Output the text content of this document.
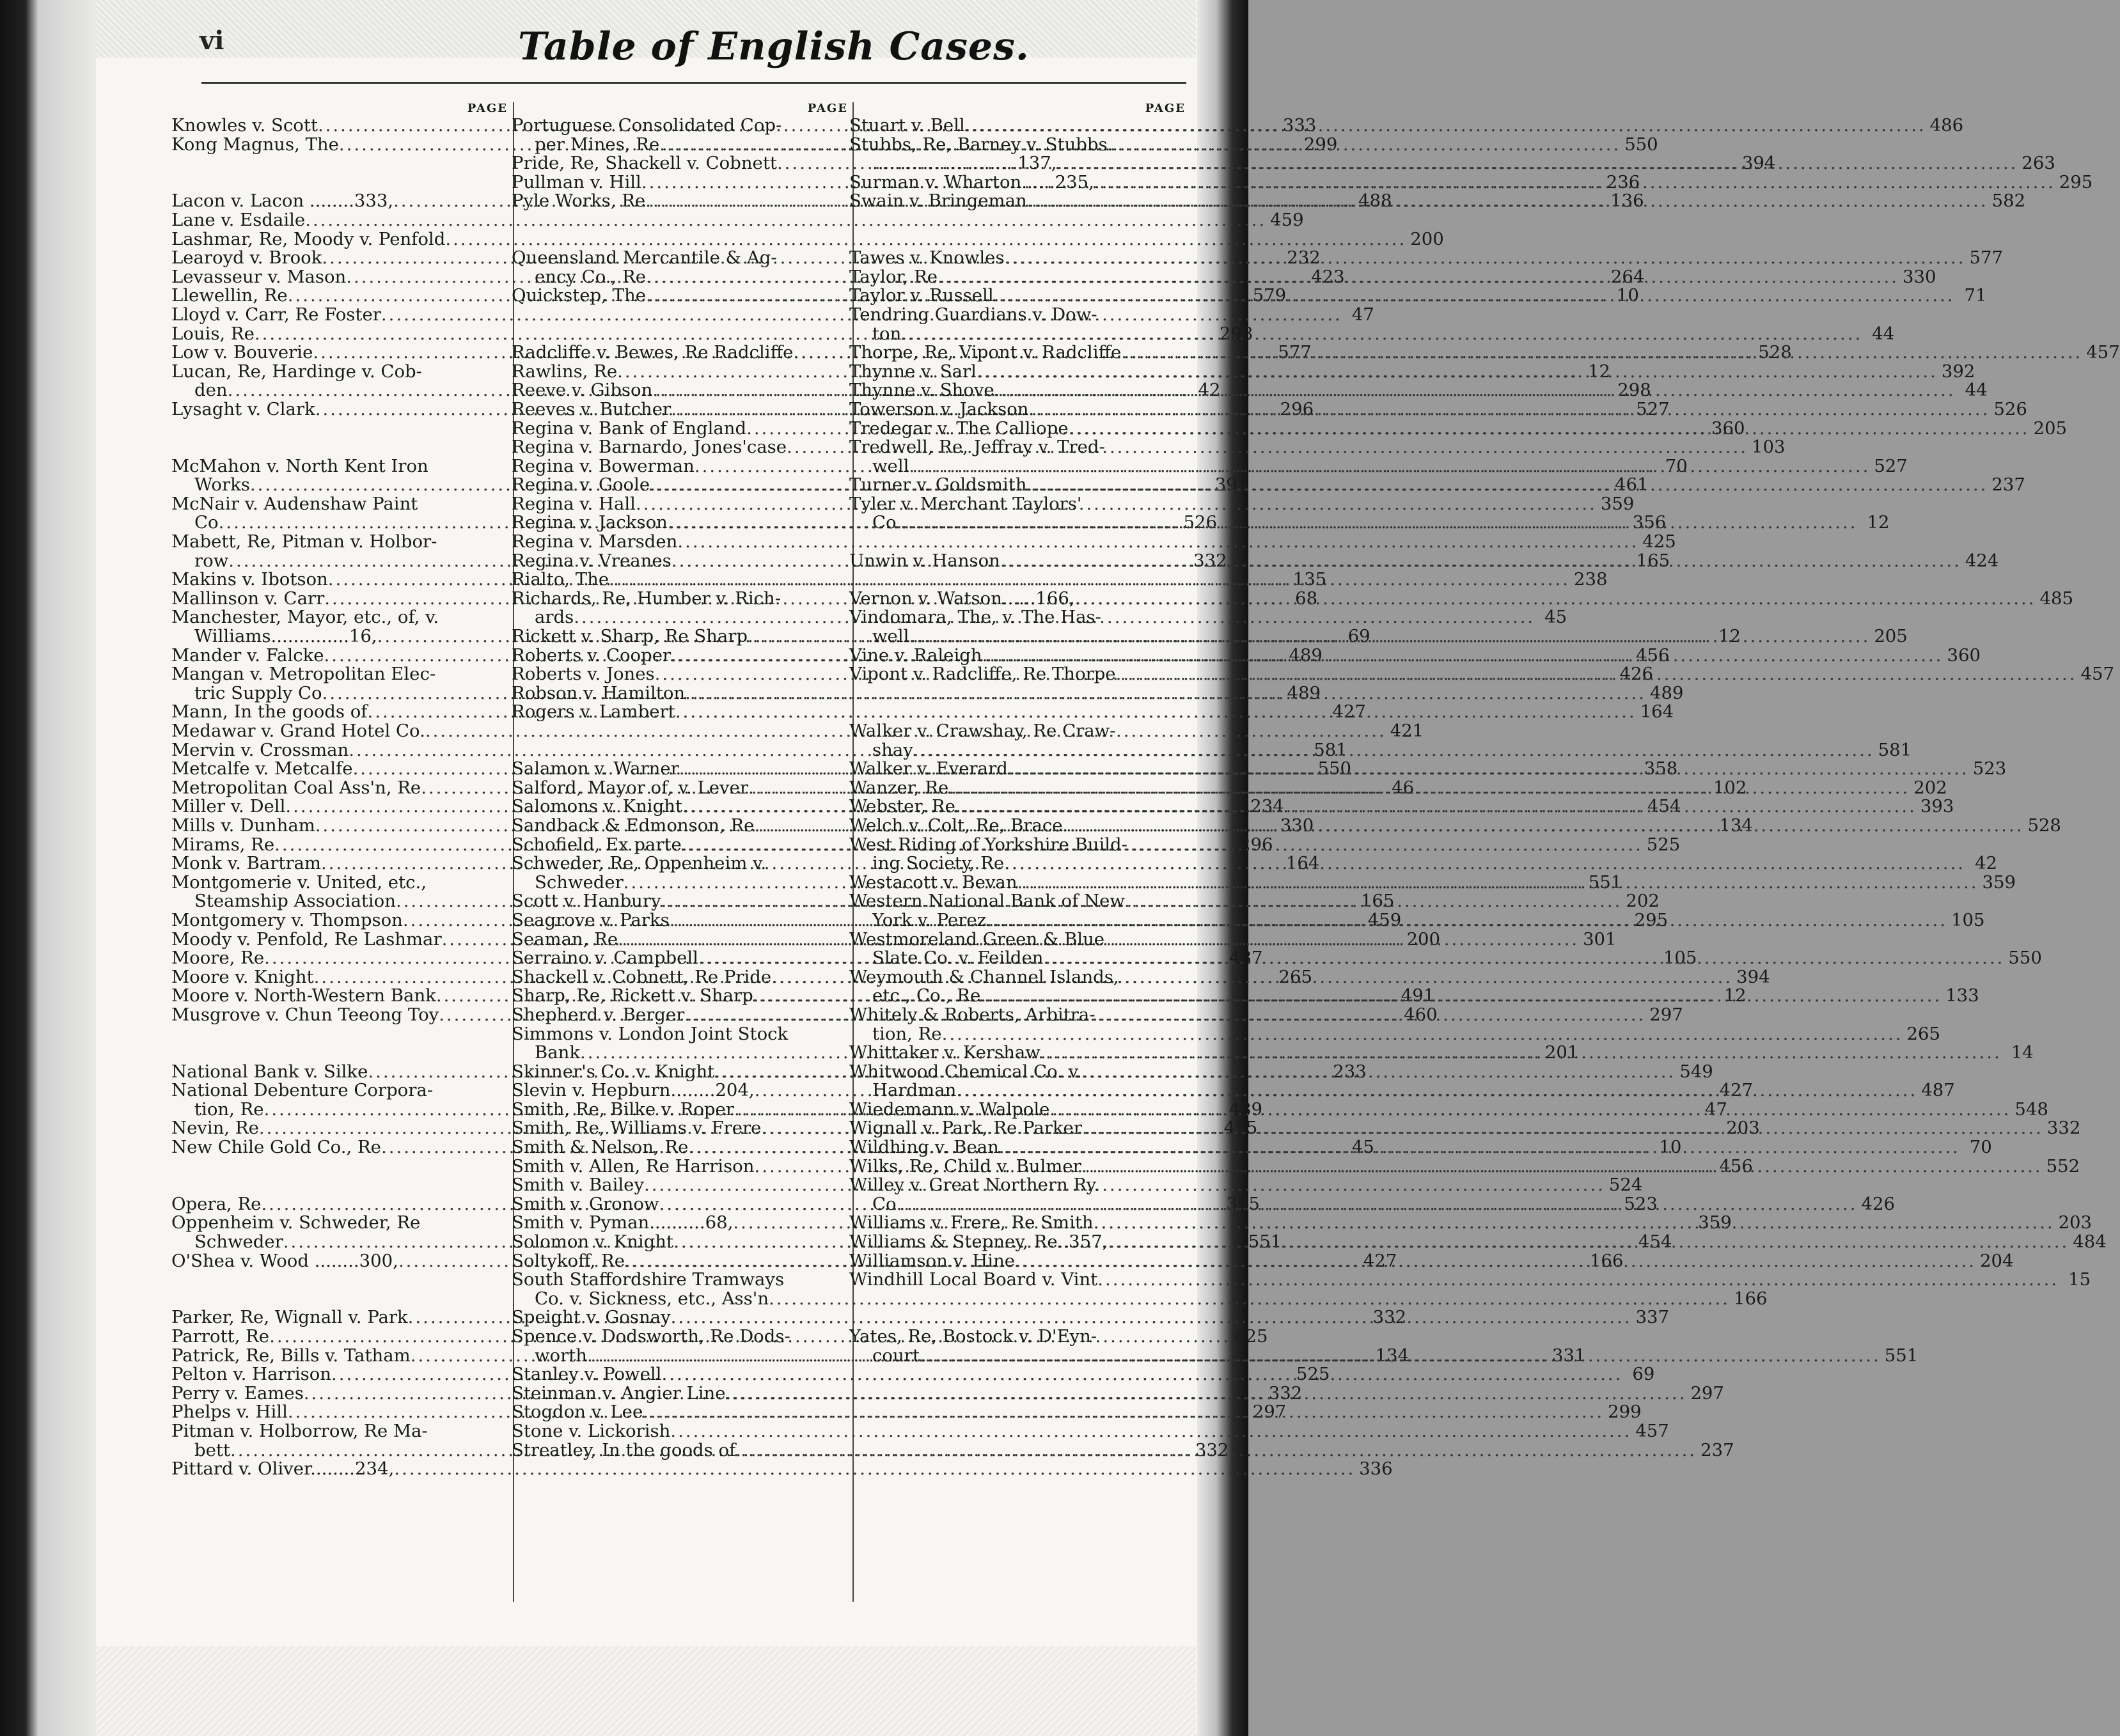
vi	Table of English Cases.
PAGE
Knowles v. Scott .....	333
Kong Magnus, The .....	299
Lacon v. Lacon ........333, .....	488
Lane v. Esdaile .....	459
Lashmar, Re, Moody v. Penfold .....	200
Learoyd v. Brook .....	232
Levasseur v. Mason .....	423
Llewellin, Re .....	579
Lloyd v. Carr, Re Foster .....	47
Louis, Re .....	298
Low v. Bouverie .....	577
Lucan, Re, Hardinge v. Cob-
den .....	42
Lysaght v. Clark .....	296
McMahon v. North Kent Iron
Works .....	395
McNair v. Audenshaw Paint
Co .....	526
Mabett, Re, Pitman v. Holbor-
row .....	332
Makins v. Ibotson .....	135
Mallinson v. Carr .....	68
Manchester, Mayor, etc., of, v.
Williams..............16, .....	69
Mander v. Falcke .....	489
Mangan v. Metropolitan Elec-
tric Supply Co .....	489
Mann, In the goods of .....	427
Medawar v. Grand Hotel Co. .....	421
Mervin v. Crossman .....	581
Metcalfe v. Metcalfe .....	550
Metropolitan Coal Ass'n, Re .....	46
Miller v. Dell .....	234
Mills v. Dunham .....	330
Mirams, Re .....	296
Monk v. Bartram .....	164
Montgomerie v. United, etc.,
Steamship Association .....	165
Montgomery v. Thompson .....	459
Moody v. Penfold, Re Lashmar .....	200
Moore, Re .....	487
Moore v. Knight .....	265
Moore v. North-Western Bank .....	491
Musgrove v. Chun Teeong Toy .....	460
National Bank v. Silke .....	233
National Debenture Corpora-
tion, Re .....	489
Nevin, Re .....	455
New Chile Gold Co., Re .....	45
Opera, Re .....	395
Oppenheim v. Schweder, Re
Schweder .....	551
O'Shea v. Wood ........300, .....	427
Parker, Re, Wignall v. Park .....	332
Parrott, Re .....	425
Patrick, Re, Bills v. Tatham .....	134
Pelton v. Harrison .....	525
Perry v. Eames .....	332
Phelps v. Hill .....	297
Pitman v. Holborrow, Re Ma-
bett .....	332
Pittard v. Oliver........234, .....	336
PAGE
Portuguese Consolidated Cop-
per Mines, Re .....	550
Pride, Re, Shackell v. Cobnett .....	394
Pullman v. Hill .....	236
Pyle Works, Re .....	136
Queensland Mercantile & Ag-
ency Co., Re .....	264
Quickstep, The .....	10
Radcliffe v. Bewes, Re Radcliffe .....	528
Rawlins, Re .....	12
Reeve v. Gibson .....	298
Reeves v. Butcher .....	527
Regina v. Bank of England .....	360
Regina v. Barnardo, Jones'case .....	103
Regina v. Bowerman .....	70
Regina v. Goole .....	461
Regina v. Hall .....	359
Regina v. Jackson .....	356
Regina v. Marsden .....	425
Regina v. Vreanes .....	165
Rialto, The .....	238
Richards, Re, Humber v. Rich-
ards .....	45
Rickett v. Sharp, Re Sharp .....	12
Roberts v. Cooper .....	456
Roberts v. Jones .....	426
Robson v. Hamilton .....	489
Rogers v. Lambert .....	164
Salamon v. Warner .....	358
Salford, Mayor of, v. Lever .....	102
Salomons v. Knight .....	454
Sandback & Edmonson, Re .....	134
Schofield, Ex parte .....	525
Schweder, Re, Oppenheim v.
Schweder .....	551
Scott v. Hanbury .....	202
Seagrove v. Parks .....	295
Seaman, Re .....	301
Serraino v. Campbell .....	105
Shackell v. Cobnett, Re Pride .....	394
Sharp, Re, Rickett v. Sharp .....	12
Shepherd v. Berger .....	297
Simmons v. London Joint Stock
Bank .....	201
Skinner's Co. v. Knight .....	549
Slevin v. Hepburn........204, .....	427
Smith, Re, Bilke v. Roper .....	47
Smith, Re, Williams v. Frere .....	203
Smith & Nelson, Re .....	10
Smith v. Allen, Re Harrison .....	456
Smith v. Bailey .....	524
Smith v. Gronow .....	523
Smith v. Pyman..........68, .....	359
Solomon v. Knight .....	454
Soltykoff, Re .....	166
South Staffordshire Tramways
Co. v. Sickness, etc., Ass'n .....	166
Speight v. Gosnay .....	337
Spence v. Dodsworth, Re Dods-
worth .....	331
Stanley v. Powell .....	69
Steinman v. Angier Line .....	297
Stogdon v. Lee .....	299
Stone v. Lickorish .....	457
Streatley, In the goods of .....	237
PAGE
Stuart v. Bell .....	486
Stubbs, Re, Barney v. Stubbs.
..........................137, .....	263
Surman v. Wharton......235, .....	295
Swain v. Bringeman .....	582
Tawes v. Knowles .....	577
Taylor, Re .....	330
Taylor v. Russell .....	71
Tendring Guardians v. Dow-
ton .....	44
Thorpe, Re, Vipont v. Radcliffe .....	457
Thynne v. Sarl .....	392
Thynne v. Shove .....	44
Towerson v. Jackson .....	526
Tredegar v. The Calliope .....	205
Tredwell, Re, Jeffray v. Tred-
well .....	527
Turner v. Goldsmith .....	237
Tyler v. Merchant Taylors'
Co .....	12
Unwin v. Hanson .....	424
Vernon v. Watson......166, .....	485
Vindomara, The, v. The Has-
well .....	205
Vine v. Raleigh .....	360
Vipont v. Radcliffe, Re Thorpe .....	457
Walker v. Crawshay, Re Craw-
shay .....	581
Walker v. Everard .....	523
Wanzer, Re .....	202
Webster, Re .....	393
Welch v. Colt, Re, Brace .....	528
West Riding of Yorkshire Build-
ing Society, Re .....	42
Westacott v. Bevan .....	359
Western National Bank of New
York v. Perez .....	105
Westmoreland Green & Blue
Slate Co. v. Feilden .....	550
Weymouth & Channel Islands,
etc., Co., Re .....	133
Whitely & Roberts, Arbitra-
tion, Re .....	265
Whittaker v. Kershaw .....	14
Whitwood Chemical Co. v.
Hardman .....	487
Wiedemann v. Walpole .....	548
Wignall v. Park, Re Parker .....	332
Wildhing v. Bean .....	70
Wilks, Re, Child v. Bulmer .....	552
Willey v. Great Northern Ry.
Co .....	426
Williams v. Frere, Re Smith .....	203
Williams & Stepney, Re..357, .....	484
Williamson v. Hine .....	204
Windhill Local Board v. Vint .....	15
Yates, Re, Bostock v. D'Eyn-
court .....	551
